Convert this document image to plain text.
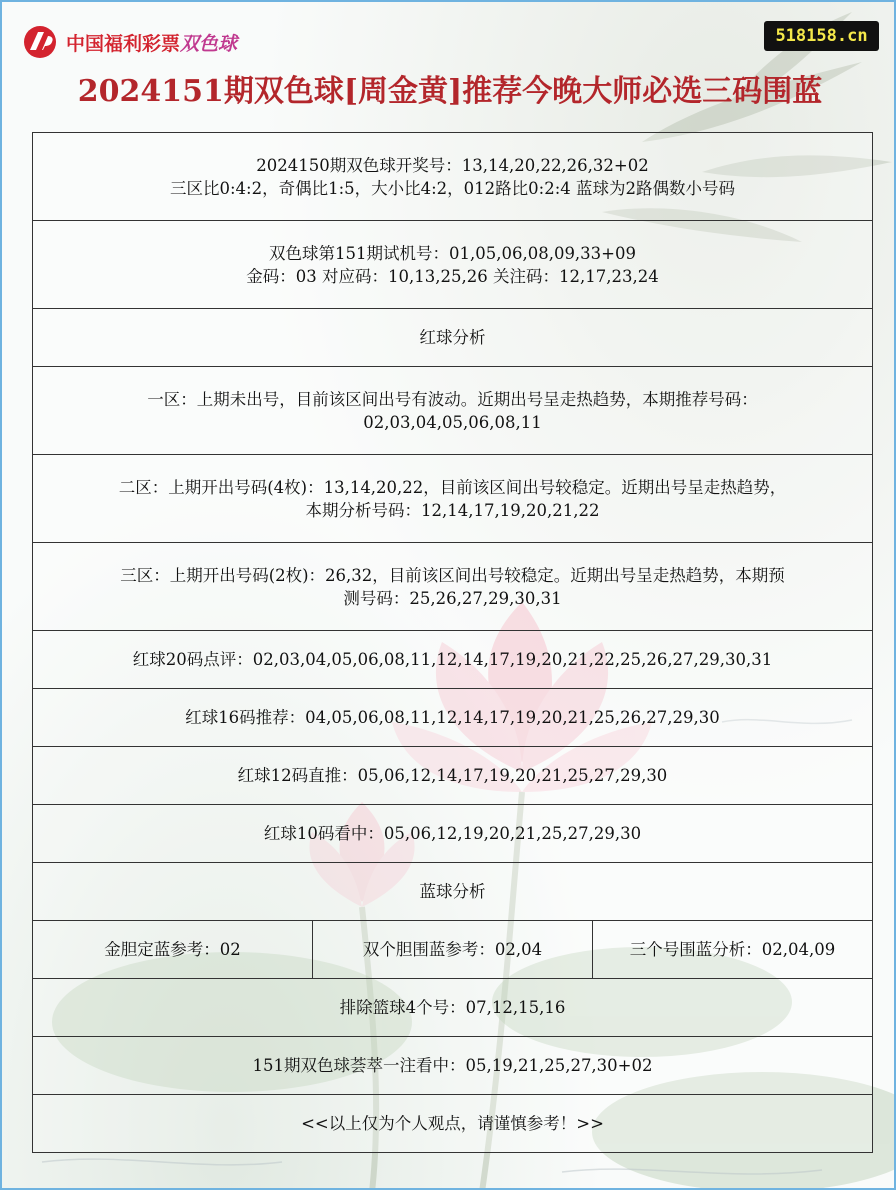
中国福利彩票双色球	518158.cn
2024151期双色球[周金黄]推荐今晚大师必选三码围蓝
2024150期双色球开奖号：13,14,20,22,26,32+02
三区比0:4:2，奇偶比1:5，大小比4:2，012路比0:2:4 蓝球为2路偶数小号码

双色球第151期试机号：01,05,06,08,09,33+09
金码：03 对应码：10,13,25,26 关注码：12,17,23,24

红球分析

一区：上期未出号，目前该区间出号有波动。近期出号呈走热趋势，本期推荐号码：
02,03,04,05,06,08,11

二区：上期开出号码(4枚)：13,14,20,22，目前该区间出号较稳定。近期出号呈走热趋势，
本期分析号码：12,14,17,19,20,21,22

三区：上期开出号码(2枚)：26,32，目前该区间出号较稳定。近期出号呈走热趋势，本期预
测号码：25,26,27,29,30,31

红球20码点评：02,03,04,05,06,08,11,12,14,17,19,20,21,22,25,26,27,29,30,31
红球16码推荐：04,05,06,08,11,12,14,17,19,20,21,25,26,27,29,30
红球12码直推：05,06,12,14,17,19,20,21,25,27,29,30
红球10码看中：05,06,12,19,20,21,25,27,29,30
蓝球分析
金胆定蓝参考：02	双个胆围蓝参考：02,04	三个号围蓝分析：02,04,09
排除篮球4个号：07,12,15,16
151期双色球荟萃一注看中：05,19,21,25,27,30+02
<<以上仅为个人观点，请谨慎参考！>>
